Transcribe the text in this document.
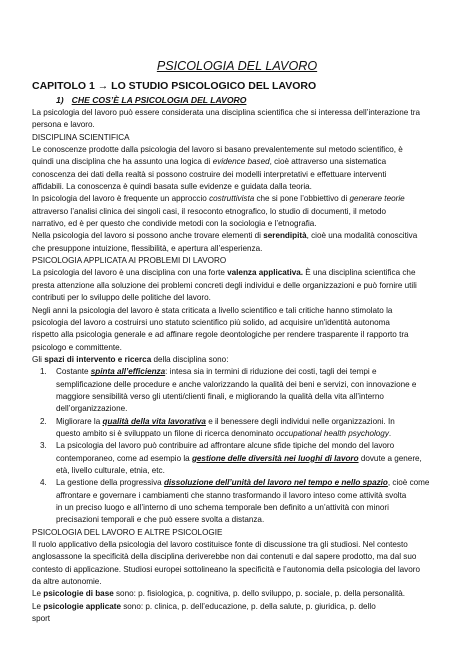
PSICOLOGIA DEL LAVORO
CAPITOLO 1 → LO STUDIO PSICOLOGICO DEL LAVORO
1) CHE COS’È LA PSICOLOGIA DEL LAVORO

La psicologia del lavoro può essere considerata una disciplina scientifica che si interessa dell’interazione tra
persona e lavoro.

DISCIPLINA SCIENTIFICA

Le conoscenze prodotte dalla psicologia del lavoro si basano prevalentemente sul metodo scientifico, è
quindi una disciplina che ha assunto una logica di evidence based, cioè attraverso una sistematica
conoscenza dei dati della realtà si possono costruire dei modelli interpretativi e effettuare interventi
affidabili. La conoscenza è quindi basata sulle evidenze e guidata dalla teoria.

In psicologia del lavoro è frequente un approccio costruttivista che si pone l’obbiettivo di generare teorie
attraverso l’analisi clinica dei singoli casi, il resoconto etnografico, lo studio di documenti, il metodo
narrativo, ed è per questo che condivide metodi con la sociologia e l’etnografia.

Nella psicologia del lavoro si possono anche trovare elementi di serendipità, cioè una modalità conoscitiva
che presuppone intuizione, flessibilità, e apertura all’esperienza.

PSICOLOGIA APPLICATA AI PROBLEMI DI LAVORO

La psicologia del lavoro è una disciplina con una forte valenza applicativa. È una disciplina scientifica che
presta attenzione alla soluzione dei problemi concreti degli individui e delle organizzazioni e può fornire utili
contributi per lo sviluppo delle politiche del lavoro.

Negli anni la psicologia del lavoro è stata criticata a livello scientifico e tali critiche hanno stimolato la
psicologia del lavoro a costruirsi uno statuto scientifico più solido, ad acquisire un'identità autonoma
rispetto alla psicologia generale e ad affinare regole deontologiche per rendere trasparente il rapporto tra
psicologo e committente.

Gli spazi di intervento e ricerca della disciplina sono:

1. Costante spinta all’efficienza: intesa sia in termini di riduzione dei costi, tagli dei tempi e
semplificazione delle procedure e anche valorizzando la qualità dei beni e servizi, con innovazione e
maggiore sensibilità verso gli utenti/clienti finali, e migliorando la qualità della vita all’interno
dell’organizzazione.
2. Migliorare la qualità della vita lavorativa e il benessere degli individui nelle organizzazioni. In
questo ambito si è sviluppato un filone di ricerca denominato occupational health psychology.
3. La psicologia del lavoro può contribuire ad affrontare alcune sfide tipiche del mondo del lavoro
contemporaneo, come ad esempio la gestione delle diversità nei luoghi di lavoro dovute a genere,
età, livello culturale, etnia, etc.
4. La gestione della progressiva dissoluzione dell’unità del lavoro nel tempo e nello spazio, cioè come
affrontare e governare i cambiamenti che stanno trasformando il lavoro inteso come attività svolta
in un preciso luogo e all’interno di uno schema temporale ben definito a un’attività con minori
precisazioni temporali e che può essere svolta a distanza.

PSICOLOGIA DEL LAVORO E ALTRE PSICOLOGIE

Il ruolo applicativo della psicologia del lavoro costituisce fonte di discussione tra gli studiosi. Nel contesto
anglosassone la specificità della disciplina deriverebbe non dai contenuti e dal sapere prodotto, ma dal suo
contesto di applicazione. Studiosi europei sottolineano la specificità e l’autonomia della psicologia del lavoro
da altre autonomie.

Le psicologie di base sono: p. fisiologica, p. cognitiva, p. dello sviluppo, p. sociale, p. della personalità.

Le psicologie applicate sono: p. clinica, p. dell’educazione, p. della salute, p. giuridica, p. dello
sport
